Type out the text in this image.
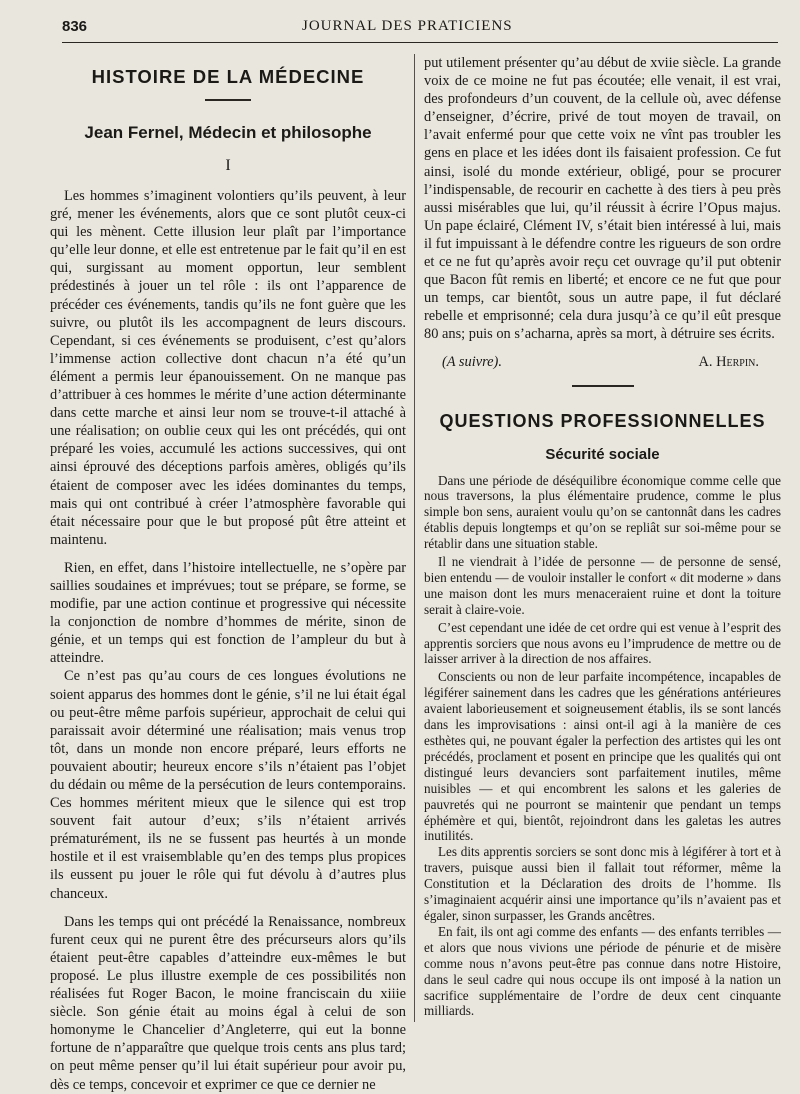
836	JOURNAL DES PRATICIENS
HISTOIRE DE LA MÉDECINE
Jean Fernel, Médecin et philosophe
I

Les hommes s’imaginent volontiers qu’ils peuvent, à leur gré, mener les événements, alors que ce sont plutôt ceux-ci qui les mènent. Cette illusion leur plaît par l’importance qu’elle leur donne, et elle est entretenue par le fait qu’il en est qui, surgissant au moment opportun, leur semblent prédestinés à jouer un tel rôle : ils ont l’apparence de précéder ces événements, tandis qu’ils ne font guère que les suivre, ou plutôt ils les accompagnent de leurs discours. Cependant, si ces événements se produisent, c’est qu’alors l’immense action collective dont chacun n’a été qu’un élément a permis leur épanouissement. On ne manque pas d’attribuer à ces hommes le mérite d’une action déterminante dans cette marche et ainsi leur nom se trouve-t-il attaché à une réalisation; on oublie ceux qui les ont précédés, qui ont préparé les voies, accumulé les actions successives, qui ont ainsi éprouvé des déceptions parfois amères, obligés qu’ils étaient de composer avec les idées dominantes du temps, mais qui ont contribué à créer l’atmosphère favorable qui était nécessaire pour que le but proposé pût être atteint et maintenu.

Rien, en effet, dans l’histoire intellectuelle, ne s’opère par saillies soudaines et imprévues; tout se prépare, se forme, se modifie, par une action continue et progressive qui nécessite la conjonction de nombre d’hommes de mérite, sinon de génie, et un temps qui est fonction de l’ampleur du but à atteindre.

Ce n’est pas qu’au cours de ces longues évolutions ne soient apparus des hommes dont le génie, s’il ne lui était égal ou peut-être même parfois supérieur, approchait de celui qui paraissait avoir déterminé une réalisation; mais venus trop tôt, dans un monde non encore préparé, leurs efforts ne pouvaient aboutir; heureux encore s’ils n’étaient pas l’objet du dédain ou même de la persécution de leurs contemporains. Ces hommes méritent mieux que le silence qui est trop souvent fait autour d’eux; s’ils n’étaient arrivés prématurément, ils ne se fussent pas heurtés à un monde hostile et il est vraisemblable qu’en des temps plus propices ils eussent pu jouer le rôle qui fut dévolu à d’autres plus chanceux.

Dans les temps qui ont précédé la Renaissance, nombreux furent ceux qui ne purent être des précurseurs alors qu’ils étaient peut-être capables d’atteindre eux-mêmes le but proposé. Le plus illustre exemple de ces possibilités non réalisées fut Roger Bacon, le moine franciscain du xiiie siècle. Son génie était au moins égal à celui de son homonyme le Chancelier d’Angleterre, qui eut la bonne fortune de n’apparaître que quelque trois cents ans plus tard; on peut même penser qu’il lui était supérieur pour avoir pu, dès ce temps, concevoir et exprimer ce que ce dernier ne

put utilement présenter qu’au début de xviie siècle. La grande voix de ce moine ne fut pas écoutée; elle venait, il est vrai, des profondeurs d’un couvent, de la cellule où, avec défense d’enseigner, d’écrire, privé de tout moyen de travail, on l’avait enfermé pour que cette voix ne vînt pas troubler les gens en place et les idées dont ils faisaient profession. Ce fut ainsi, isolé du monde extérieur, obligé, pour se procurer l’indispensable, de recourir en cachette à des tiers à peu près aussi misérables que lui, qu’il réussit à écrire l’Opus majus. Un pape éclairé, Clément IV, s’était bien intéressé à lui, mais il fut impuissant à le défendre contre les rigueurs de son ordre et ce ne fut qu’après avoir reçu cet ouvrage qu’il put obtenir que Bacon fût remis en liberté; et encore ce ne fut que pour un temps, car bientôt, sous un autre pape, il fut déclaré rebelle et emprisonné; cela dura jusqu’à ce qu’il eût presque 80 ans; puis on s’acharna, après sa mort, à détruire ses écrits.

(A suivre).	A. Herpin.
QUESTIONS PROFESSIONNELLES
Sécurité sociale

Dans une période de déséquilibre économique comme celle que nous traversons, la plus élémentaire prudence, comme le plus simple bon sens, auraient voulu qu’on se cantonnât dans les cadres établis depuis longtemps et qu’on se repliât sur soi-même pour se rétablir dans une situation stable.

Il ne viendrait à l’idée de personne — de personne de sensé, bien entendu — de vouloir installer le confort « dit moderne » dans une maison dont les murs menaceraient ruine et dont la toiture serait à claire-voie.

C’est cependant une idée de cet ordre qui est venue à l’esprit des apprentis sorciers que nous avons eu l’imprudence de mettre ou de laisser arriver à la direction de nos affaires.

Conscients ou non de leur parfaite incompétence, incapables de légiférer sainement dans les cadres que les générations antérieures avaient laborieusement et soigneusement établis, ils se sont lancés dans les improvisations : ainsi ont-il agi à la manière de ces esthètes qui, ne pouvant égaler la perfection des artistes qui les ont précédés, proclament et posent en principe que les qualités qui ont distingué leurs devanciers sont parfaitement inutiles, même nuisibles — et qui encombrent les salons et les galeries de pauvretés qui ne pourront se maintenir que pendant un temps éphémère et qui, bientôt, rejoindront dans les galetas les autres inutilités.

Les dits apprentis sorciers se sont donc mis à légiférer à tort et à travers, puisque aussi bien il fallait tout réformer, même la Constitution et la Déclaration des droits de l’homme. Ils s’imaginaient acquérir ainsi une importance qu’ils n’avaient pas et égaler, sinon surpasser, les Grands ancêtres.

En fait, ils ont agi comme des enfants — des enfants terribles — et alors que nous vivions une période de pénurie et de misère comme nous n’avons peut-être pas connue dans notre Histoire, dans le seul cadre qui nous occupe ils ont imposé à la nation un sacrifice supplémentaire de l’ordre de deux cent cinquante milliards.
